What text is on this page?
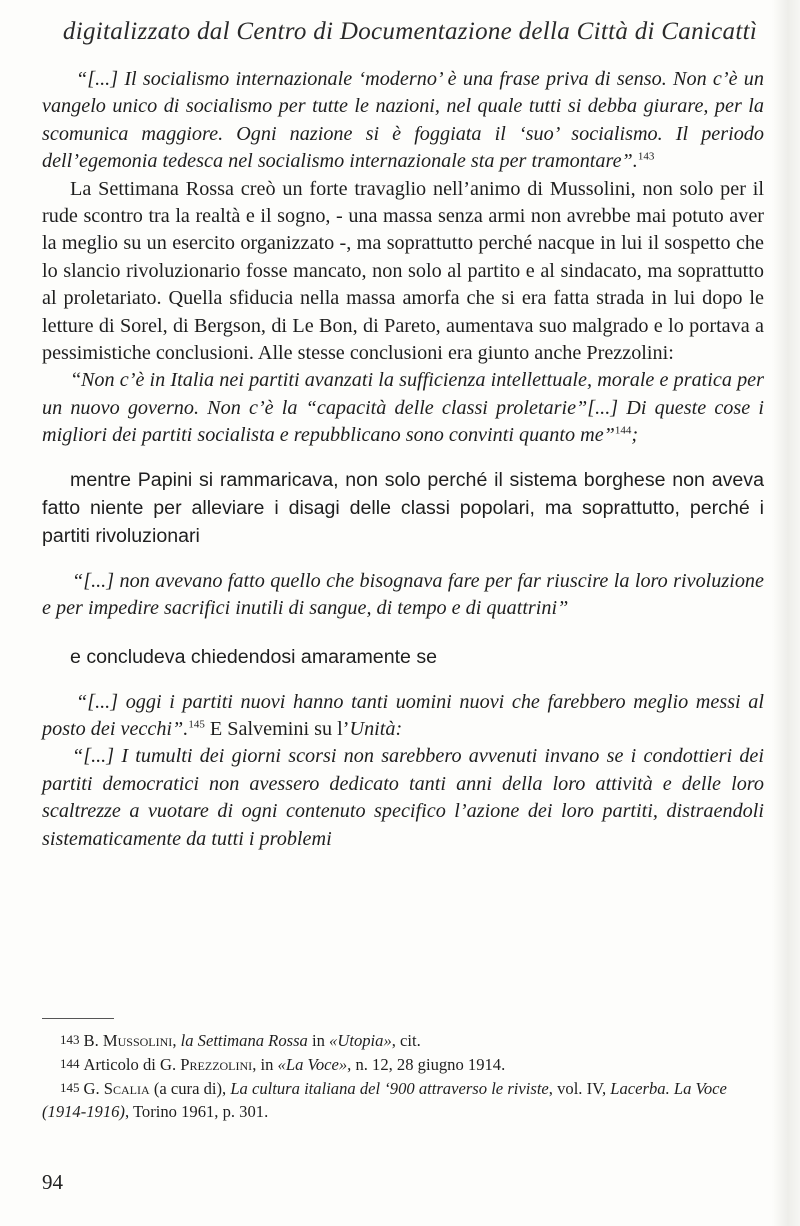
digitalizzato dal Centro di Documentazione della Città di Canicattì

“[...] Il socialismo internazionale ‘moderno’ è una frase priva di senso. Non c’è un vangelo unico di socialismo per tutte le nazioni, nel quale tutti si debba giurare, per la scomunica maggiore. Ogni nazione si è foggiata il ‘suo’ socialismo. Il periodo dell’egemonia tedesca nel socialismo internazionale sta per tramontare”.$^{143}$

La Settimana Rossa creò un forte travaglio nell’animo di Mussolini, non solo per il rude scontro tra la realtà e il sogno, - una massa senza armi non avrebbe mai potuto aver la meglio su un esercito organizzato -, ma soprattutto perché nacque in lui il sospetto che lo slancio rivoluzionario fosse mancato, non solo al partito e al sindacato, ma soprattutto al proletariato. Quella sfiducia nella massa amorfa che si era fatta strada in lui dopo le letture di Sorel, di Bergson, di Le Bon, di Pareto, aumentava suo malgrado e lo portava a pessimistiche conclusioni. Alle stesse conclusioni era giunto anche Prezzolini:

“Non c’è in Italia nei partiti avanzati la sufficienza intellettuale, morale e pratica per un nuovo governo. Non c’è la “capacità delle classi proletarie”[...] Di queste cose i migliori dei partiti socialista e repubblicano sono convinti quanto me”$^{144}$;

mentre Papini si rammaricava, non solo perché il sistema borghese non aveva fatto niente per alleviare i disagi delle classi popolari, ma soprattutto, perché i partiti rivoluzionari

“[...] non avevano fatto quello che bisognava fare per far riuscire la loro rivoluzione e per impedire sacrifici inutili di sangue, di tempo e di quattrini”

e concludeva chiedendosi amaramente se

“[...] oggi i partiti nuovi hanno tanti uomini nuovi che farebbero meglio messi al posto dei vecchi”.$^{145}$ E Salvemini su l’Unità:

“[...] I tumulti dei giorni scorsi non sarebbero avvenuti invano se i condottieri dei partiti democratici non avessero dedicato tanti anni della loro attività e delle loro scaltrezze a vuotare di ogni contenuto specifico l’azione dei loro partiti, distraendoli sistematicamente da tutti i problemi

143 B. Mussolini, la Settimana Rossa in «Utopia», cit.

144 Articolo di G. Prezzolini, in «La Voce», n. 12, 28 giugno 1914.

145 G. Scalia (a cura di), La cultura italiana del ‘900 attraverso le riviste, vol. IV, Lacerba. La Voce (1914-1916), Torino 1961, p. 301.

94
